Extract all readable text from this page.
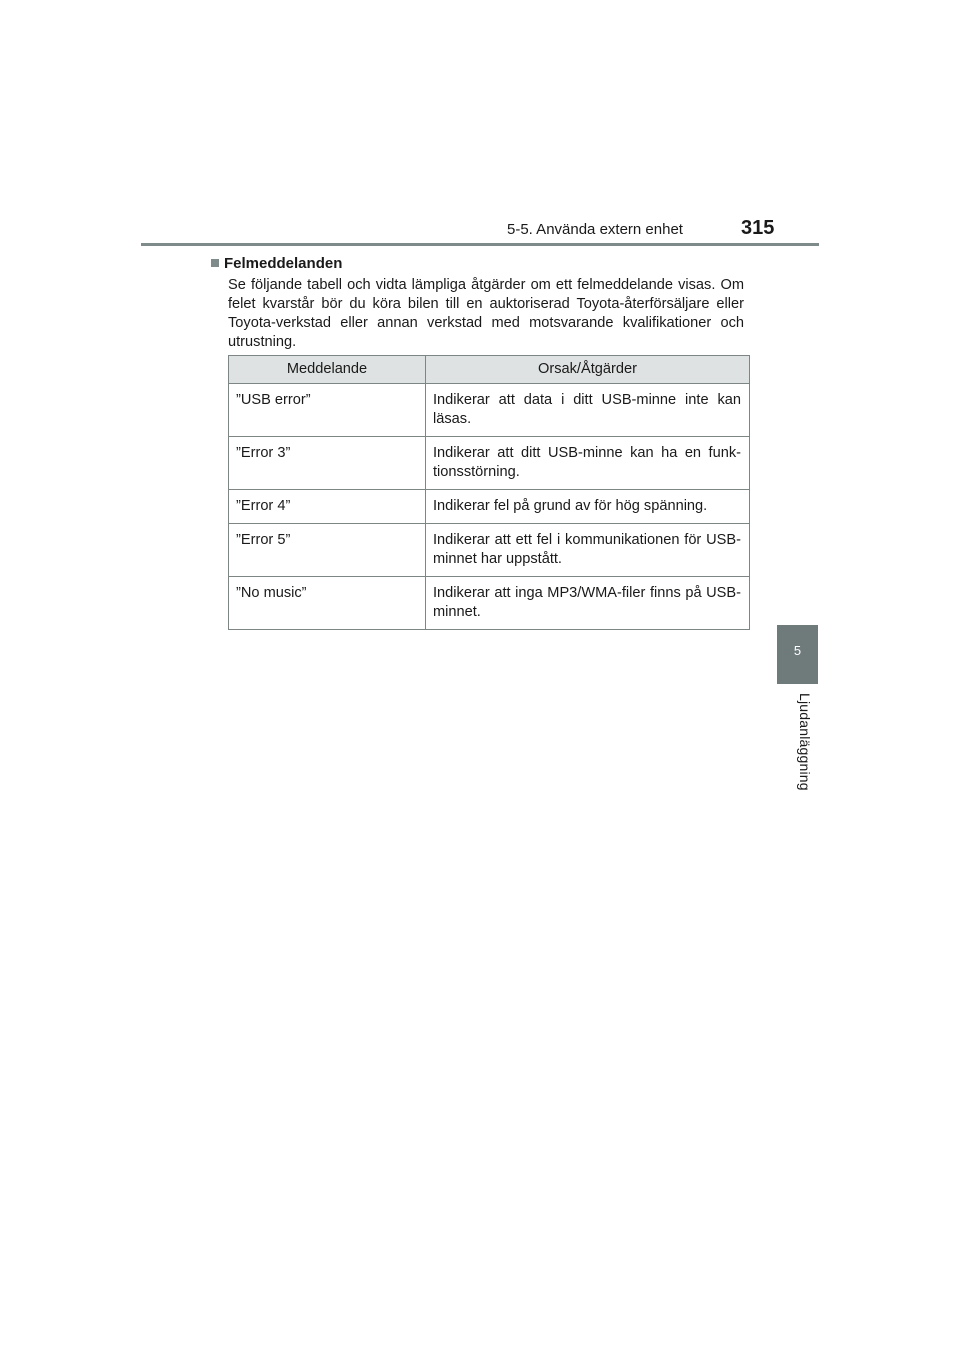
5-5. Använda extern enhet	315
5
Ljudanläggning
Felmeddelanden

Se följande tabell och vidta lämpliga åtgärder om ett felmeddelande visas. Om felet kvarstår bör du köra bilen till en auktoriserad Toyota-återförsäljare eller Toyota-verkstad eller annan verkstad med motsvarande kvalifikationer och utrustning.

Meddelande	Orsak/Åtgärder
”USB error”	Indikerar att data i ditt USB-minne inte kan läsas.
”Error 3”	Indikerar att ditt USB-minne kan ha en funk-tionsstörning.
”Error 4”	Indikerar fel på grund av för hög spänning.
”Error 5”	Indikerar att ett fel i kommunikationen för USB-minnet har uppstått.
”No music”	Indikerar att inga MP3/WMA-filer finns på USB-minnet.
